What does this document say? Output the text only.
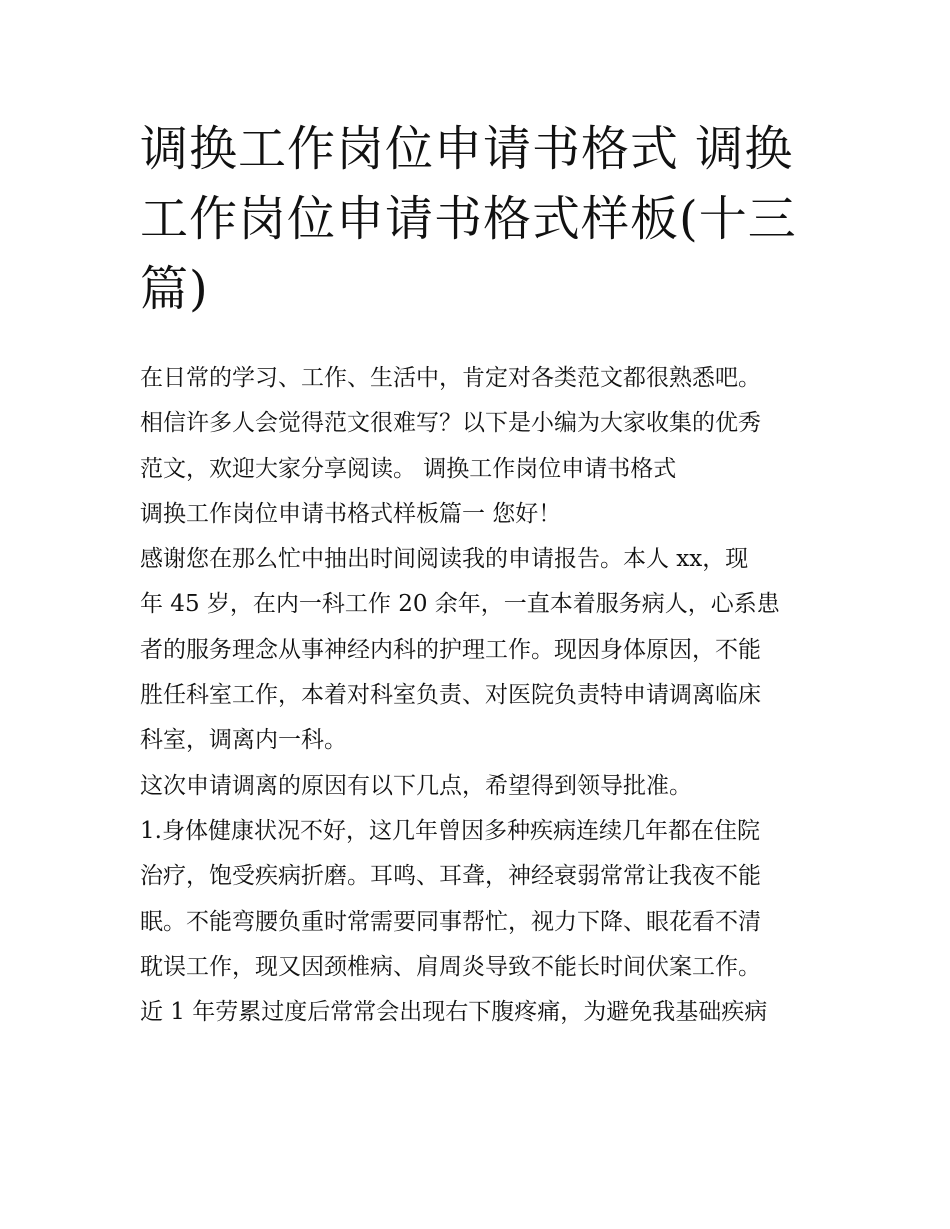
调换工作岗位申请书格式 调换工作岗位申请书格式样板(十三篇)
在日常的学习、工作、生活中，肯定对各类范文都很熟悉吧。
相信许多人会觉得范文很难写？以下是小编为大家收集的优秀
范文，欢迎大家分享阅读。 调换工作岗位申请书格式
调换工作岗位申请书格式样板篇一 您好！
感谢您在那么忙中抽出时间阅读我的申请报告。本人 xx，现
年 45 岁，在内一科工作 20 余年，一直本着服务病人，心系患
者的服务理念从事神经内科的护理工作。现因身体原因，不能
胜任科室工作，本着对科室负责、对医院负责特申请调离临床
科室，调离内一科。
这次申请调离的原因有以下几点，希望得到领导批准。
1.身体健康状况不好，这几年曾因多种疾病连续几年都在住院
治疗，饱受疾病折磨。耳鸣、耳聋，神经衰弱常常让我夜不能
眠。不能弯腰负重时常需要同事帮忙，视力下降、眼花看不清
耽误工作，现又因颈椎病、肩周炎导致不能长时间伏案工作。
近 1 年劳累过度后常常会出现右下腹疼痛，为避免我基础疾病
